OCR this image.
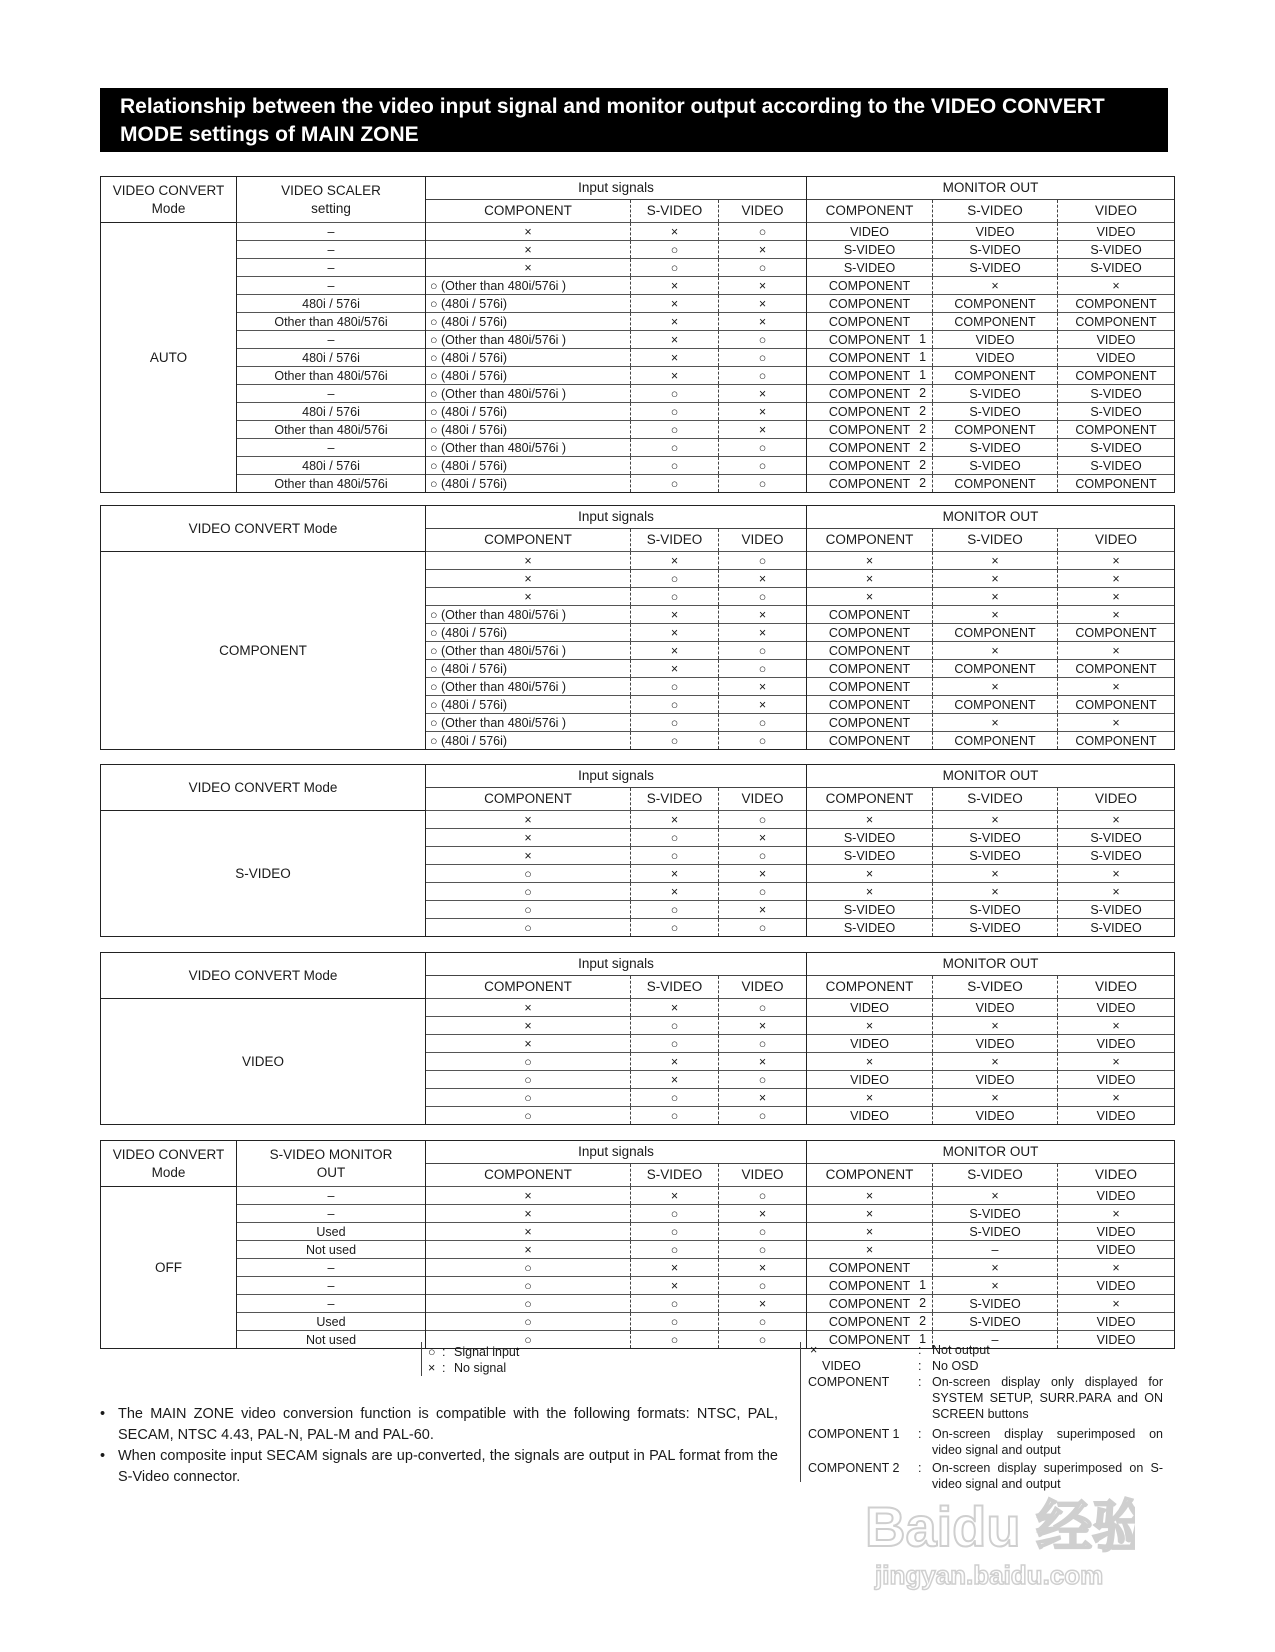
Relationship between the video input signal and monitor output according to the VIDEO CONVERT MODE settings of MAIN ZONE
VIDEO CONVERT Mode	VIDEO SCALER setting	Input signals			MONITOR OUT		
		COMPONENT	S-VIDEO	VIDEO	COMPONENT	S-VIDEO	VIDEO
AUTO	–	×	×	○	VIDEO	VIDEO	VIDEO
	–	×	○	×	S-VIDEO	S-VIDEO	S-VIDEO
	–	×	○	○	S-VIDEO	S-VIDEO	S-VIDEO
	–	○ (Other than 480i/576i )	×	×	COMPONENT	×	×
	480i / 576i	○ (480i / 576i)	×	×	COMPONENT	COMPONENT	COMPONENT
	Other than 480i/576i	○ (480i / 576i)	×	×	COMPONENT	COMPONENT	COMPONENT
	–	○ (Other than 480i/576i )	×	○	COMPONENT 1	VIDEO	VIDEO
	480i / 576i	○ (480i / 576i)	×	○	COMPONENT 1	VIDEO	VIDEO
	Other than 480i/576i	○ (480i / 576i)	×	○	COMPONENT 1	COMPONENT	COMPONENT
	–	○ (Other than 480i/576i )	○	×	COMPONENT 2	S-VIDEO	S-VIDEO
	480i / 576i	○ (480i / 576i)	○	×	COMPONENT 2	S-VIDEO	S-VIDEO
	Other than 480i/576i	○ (480i / 576i)	○	×	COMPONENT 2	COMPONENT	COMPONENT
	–	○ (Other than 480i/576i )	○	○	COMPONENT 2	S-VIDEO	S-VIDEO
	480i / 576i	○ (480i / 576i)	○	○	COMPONENT 2	S-VIDEO	S-VIDEO
	Other than 480i/576i	○ (480i / 576i)	○	○	COMPONENT 2	COMPONENT	COMPONENT
VIDEO CONVERT Mode	Input signals			MONITOR OUT		
	COMPONENT	S-VIDEO	VIDEO	COMPONENT	S-VIDEO	VIDEO
COMPONENT	×	×	○	×	×	×
	×	○	×	×	×	×
	×	○	○	×	×	×
	○ (Other than 480i/576i )	×	×	COMPONENT	×	×
	○ (480i / 576i)	×	×	COMPONENT	COMPONENT	COMPONENT
	○ (Other than 480i/576i )	×	○	COMPONENT	×	×
	○ (480i / 576i)	×	○	COMPONENT	COMPONENT	COMPONENT
	○ (Other than 480i/576i )	○	×	COMPONENT	×	×
	○ (480i / 576i)	○	×	COMPONENT	COMPONENT	COMPONENT
	○ (Other than 480i/576i )	○	○	COMPONENT	×	×
	○ (480i / 576i)	○	○	COMPONENT	COMPONENT	COMPONENT
VIDEO CONVERT Mode	Input signals			MONITOR OUT		
	COMPONENT	S-VIDEO	VIDEO	COMPONENT	S-VIDEO	VIDEO
S-VIDEO	×	×	○	×	×	×
	×	○	×	S-VIDEO	S-VIDEO	S-VIDEO
	×	○	○	S-VIDEO	S-VIDEO	S-VIDEO
	○	×	×	×	×	×
	○	×	○	×	×	×
	○	○	×	S-VIDEO	S-VIDEO	S-VIDEO
	○	○	○	S-VIDEO	S-VIDEO	S-VIDEO
VIDEO CONVERT Mode	Input signals			MONITOR OUT		
	COMPONENT	S-VIDEO	VIDEO	COMPONENT	S-VIDEO	VIDEO
VIDEO	×	×	○	VIDEO	VIDEO	VIDEO
	×	○	×	×	×	×
	×	○	○	VIDEO	VIDEO	VIDEO
	○	×	×	×	×	×
	○	×	○	VIDEO	VIDEO	VIDEO
	○	○	×	×	×	×
	○	○	○	VIDEO	VIDEO	VIDEO
VIDEO CONVERT Mode	S-VIDEO MONITOR OUT	Input signals			MONITOR OUT		
		COMPONENT	S-VIDEO	VIDEO	COMPONENT	S-VIDEO	VIDEO
OFF	–	×	×	○	×	×	VIDEO
	–	×	○	×	×	S-VIDEO	×
	Used	×	○	○	×	S-VIDEO	VIDEO
	Not used	×	○	○	×	–	VIDEO
	–	○	×	×	COMPONENT	×	×
	–	○	×	○	COMPONENT 1	×	VIDEO
	–	○	○	×	COMPONENT 2	S-VIDEO	×
	Used	○	○	○	COMPONENT 2	S-VIDEO	VIDEO
	Not used	○	○	○	COMPONENT 1	–	VIDEO
○ : Signal input
× : No signal
×	: Not output
VIDEO	: No OSD
COMPONENT	: On-screen display only displayed for SYSTEM SETUP, SURR.PARA and ON SCREEN buttons
COMPONENT 1	: On-screen display superimposed on video signal and output
COMPONENT 2	: On-screen display superimposed on S-video signal and output
• The MAIN ZONE video conversion function is compatible with the following formats: NTSC, PAL, SECAM, NTSC 4.43, PAL-N, PAL-M and PAL-60.
• When composite input SECAM signals are up-converted, the signals are output in PAL format from the S-Video connector.
Baidu 经验
jingyan.baidu.com
